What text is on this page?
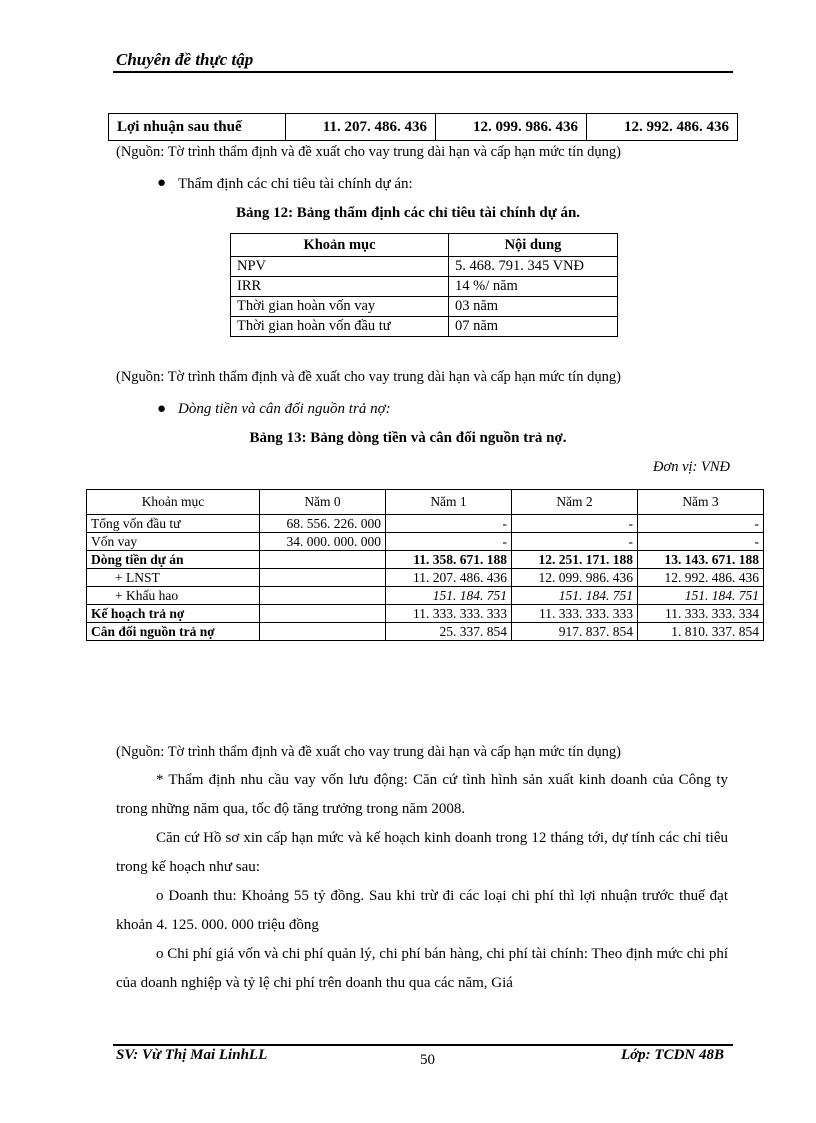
Chuyên đề thực tập
Lợi nhuận sau thuế	11. 207. 486. 436	12. 099. 986. 436	12. 992. 486. 436
(Nguồn: Tờ trình thẩm định và đề xuất cho vay trung dài hạn và cấp hạn mức tín dụng)
● Thẩm định các chỉ tiêu tài chính dự án:
Bảng 12: Bảng thẩm định các chỉ tiêu tài chính dự án.
Khoản mục	Nội dung
NPV	5. 468. 791. 345 VNĐ
IRR	14 %/ năm
Thời gian hoàn vốn vay	03 năm
Thời gian hoàn vốn đầu tư	07 năm
(Nguồn: Tờ trình thẩm định và đề xuất cho vay trung dài hạn và cấp hạn mức tín dụng)
● Dòng tiền và cân đối nguồn trả nợ:
Bảng 13: Bảng dòng tiền và cân đối nguồn trả nợ.
Đơn vị: VNĐ
Khoản mục	Năm 0	Năm 1	Năm 2	Năm 3
Tổng vốn đầu tư	68. 556. 226. 000	-	-	-
Vốn vay	34. 000. 000. 000	-	-	-
Dòng tiền dự án		11. 358. 671. 188	12. 251. 171. 188	13. 143. 671. 188
+ LNST		11. 207. 486. 436	12. 099. 986. 436	12. 992. 486. 436
+ Khấu hao		151. 184. 751	151. 184. 751	151. 184. 751
Kế hoạch trả nợ		11. 333. 333. 333	11. 333. 333. 333	11. 333. 333. 334
Cân đối nguồn trả nợ		25. 337. 854	917. 837. 854	1. 810. 337. 854
(Nguồn: Tờ trình thẩm định và đề xuất cho vay trung dài hạn và cấp hạn mức tín dụng)
* Thẩm định nhu cầu vay vốn lưu động: Căn cứ tình hình sản xuất kinh doanh của Công ty trong những năm qua, tốc độ tăng trưởng trong năm 2008.
Căn cứ Hồ sơ xin cấp hạn mức và kế hoạch kinh doanh trong 12 tháng tới, dự tính các chỉ tiêu trong kế hoạch như sau:
o Doanh thu: Khoảng 55 tỷ đồng. Sau khi trừ đi các loại chi phí thì lợi nhuận trước thuế đạt khoản 4. 125. 000. 000 triệu đồng
o Chi phí giá vốn và chi phí quản lý, chi phí bán hàng, chi phí tài chính: Theo định mức chi phí của doanh nghiệp và tỷ lệ chi phí trên doanh thu qua các năm, Giá
SV: Vừ Thị Mai LinhLL	50	Lớp: TCDN 48B
